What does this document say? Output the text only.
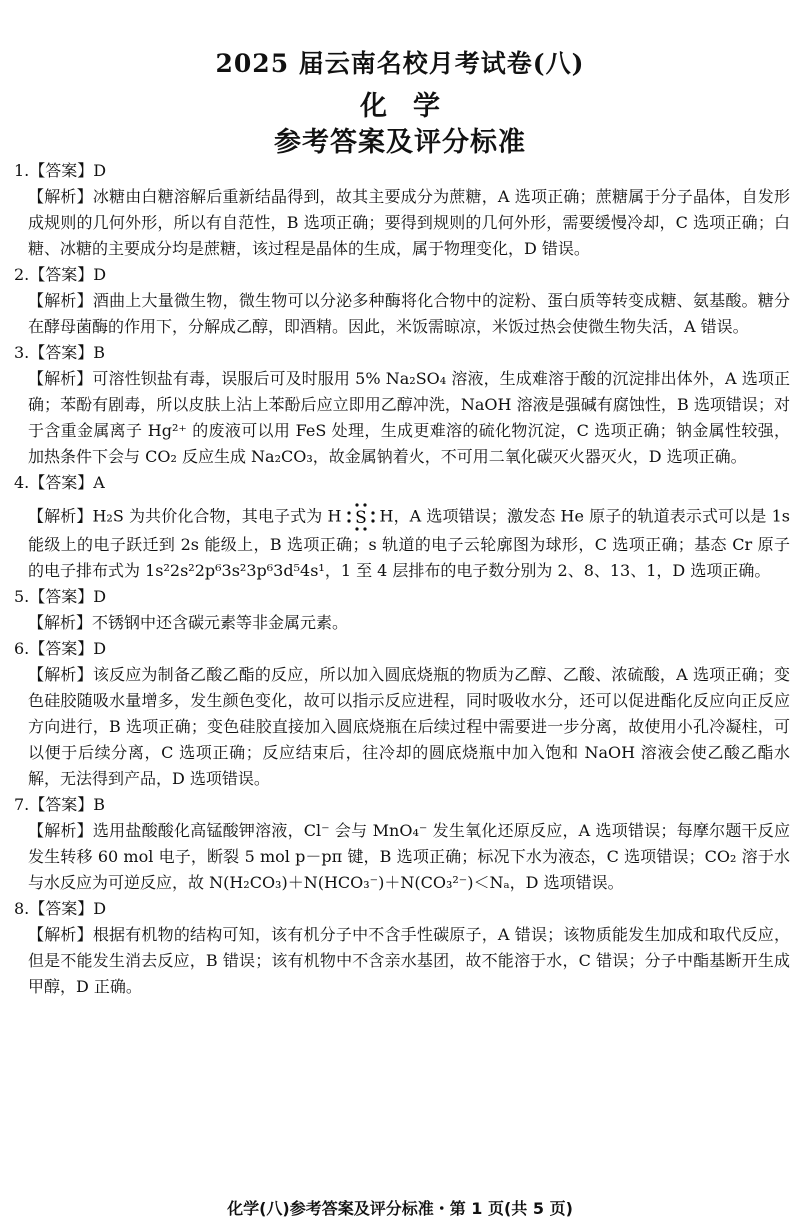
2025 届云南名校月考试卷(八)
化学
参考答案及评分标准

1.【答案】D

【解析】冰糖由白糖溶解后重新结晶得到，故其主要成分为蔗糖，A 选项正确；蔗糖属于分子晶体，自发形成规则的几何外形，所以有自范性，B 选项正确；要得到规则的几何外形，需要缓慢冷却，C 选项正确；白糖、冰糖的主要成分均是蔗糖，该过程是晶体的生成，属于物理变化，D 错误。

2.【答案】D

【解析】酒曲上大量微生物，微生物可以分泌多种酶将化合物中的淀粉、蛋白质等转变成糖、氨基酸。糖分在酵母菌酶的作用下，分解成乙醇，即酒精。因此，米饭需晾凉，米饭过热会使微生物失活，A 错误。

3.【答案】B

【解析】可溶性钡盐有毒，误服后可及时服用 5% Na₂SO₄ 溶液，生成难溶于酸的沉淀排出体外，A 选项正确；苯酚有剧毒，所以皮肤上沾上苯酚后应立即用乙醇冲洗，NaOH 溶液是强碱有腐蚀性，B 选项错误；对于含重金属离子 Hg²⁺ 的废液可以用 FeS 处理，生成更难溶的硫化物沉淀，C 选项正确；钠金属性较强，加热条件下会与 CO₂ 反应生成 Na₂CO₃，故金属钠着火，不可用二氧化碳灭火器灭火，D 选项正确。

4.【答案】A

【解析】H₂S 为共价化合物，其电子式为 H S H，A 选项错误；激发态 He 原子的轨道表示式可以是 1s 能级上的电子跃迁到 2s 能级上，B 选项正确；s 轨道的电子云轮廓图为球形，C 选项正确；基态 Cr 原子的电子排布式为 1s²2s²2p⁶3s²3p⁶3d⁵4s¹，1 至 4 层排布的电子数分别为 2、8、13、1，D 选项正确。

5.【答案】D

【解析】不锈钢中还含碳元素等非金属元素。

6.【答案】D

【解析】该反应为制备乙酸乙酯的反应，所以加入圆底烧瓶的物质为乙醇、乙酸、浓硫酸，A 选项正确；变色硅胶随吸水量增多，发生颜色变化，故可以指示反应进程，同时吸收水分，还可以促进酯化反应向正反应方向进行，B 选项正确；变色硅胶直接加入圆底烧瓶在后续过程中需要进一步分离，故使用小孔冷凝柱，可以便于后续分离，C 选项正确；反应结束后，往冷却的圆底烧瓶中加入饱和 NaOH 溶液会使乙酸乙酯水解，无法得到产品，D 选项错误。

7.【答案】B

【解析】选用盐酸酸化高锰酸钾溶液，Cl⁻ 会与 MnO₄⁻ 发生氧化还原反应，A 选项错误；每摩尔题干反应发生转移 60 mol 电子，断裂 5 mol p－pπ 键，B 选项正确；标况下水为液态，C 选项错误；CO₂ 溶于水与水反应为可逆反应，故 N(H₂CO₃)＋N(HCO₃⁻)＋N(CO₃²⁻)＜Nₐ，D 选项错误。

8.【答案】D

【解析】根据有机物的结构可知，该有机分子中不含手性碳原子，A 错误；该物质能发生加成和取代反应，但是不能发生消去反应，B 错误；该有机物中不含亲水基团，故不能溶于水，C 错误；分子中酯基断开生成甲醇，D 正确。

化学(八)参考答案及评分标准・第 1 页(共 5 页)
